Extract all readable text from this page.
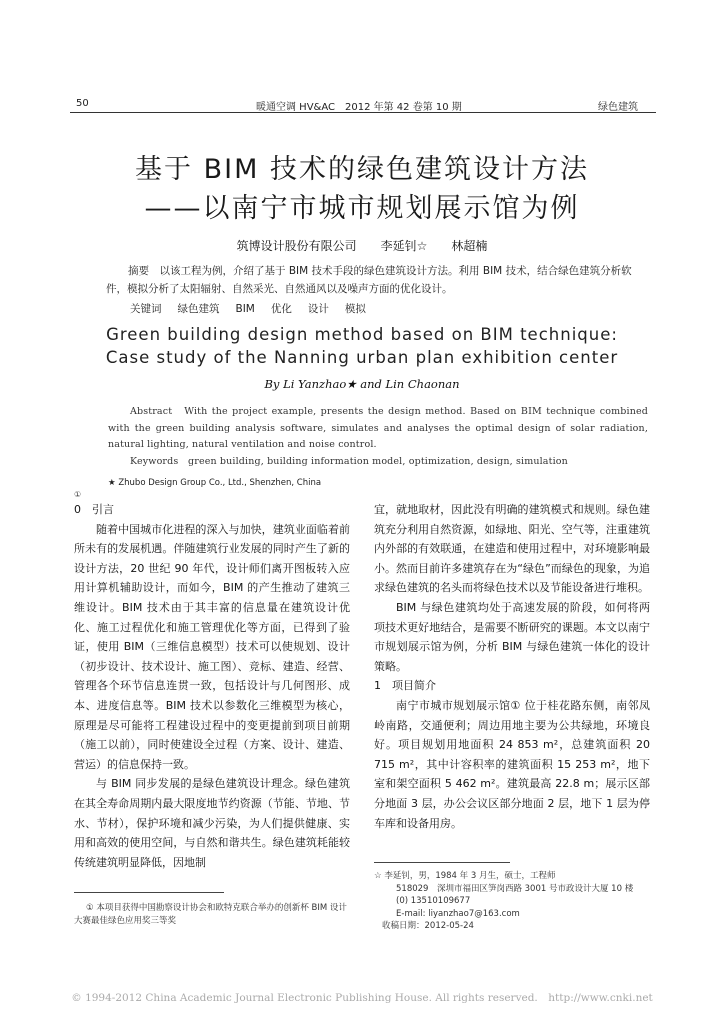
50	暖通空调 HV&AC　2012 年第 42 卷第 10 期	绿色建筑
基于 BIM 技术的绿色建筑设计方法
——以南宁市城市规划展示馆为例
筑博设计股份有限公司 李延钊☆ 林超楠
摘要　以该工程为例，介绍了基于 BIM 技术手段的绿色建筑设计方法。利用 BIM 技术，结合绿色建筑分析软件，模拟分析了太阳辐射、自然采光、自然通风以及噪声方面的优化设计。
关键词 绿色建筑 BIM 优化 设计 模拟
Green building design method based on BIM technique:
Case study of the Nanning urban plan exhibition center
By Li Yanzhao★ and Lin Chaonan
Abstract　With the project example, presents the design method. Based on BIM technique combined with the green building analysis software, simulates and analyses the optimal design of solar radiation, natural lighting, natural ventilation and noise control.
Keywords　green building, building information model, optimization, design, simulation
★ Zhubo Design Group Co., Ltd., Shenzhen, China
①
0　引言

随着中国城市化进程的深入与加快，建筑业面临着前所未有的发展机遇。伴随建筑行业发展的同时产生了新的设计方法，20 世纪 90 年代，设计师们离开图板转入应用计算机辅助设计，而如今，BIM 的产生推动了建筑三维设计。BIM 技术由于其丰富的信息量在建筑设计优化、施工过程优化和施工管理优化等方面，已得到了验证，使用 BIM（三维信息模型）技术可以使规划、设计（初步设计、技术设计、施工图）、竞标、建造、经营、管理各个环节信息连贯一致，包括设计与几何图形、成本、进度信息等。BIM 技术以参数化三维模型为核心，原理是尽可能将工程建设过程中的变更提前到项目前期（施工以前），同时使建设全过程（方案、设计、建造、营运）的信息保持一致。

与 BIM 同步发展的是绿色建筑设计理念。绿色建筑在其全寿命周期内最大限度地节约资源（节能、节地、节水、节材），保护环境和减少污染，为人们提供健康、实用和高效的使用空间，与自然和谐共生。绿色建筑耗能较传统建筑明显降低，因地制

① 本项目获得中国勘察设计协会和欧特克联合举办的创新杯 BIM 设计大赛最佳绿色应用奖三等奖

宜，就地取材，因此没有明确的建筑模式和规则。绿色建筑充分利用自然资源，如绿地、阳光、空气等，注重建筑内外部的有效联通，在建造和使用过程中，对环境影响最小。然而目前许多建筑存在为“绿色”而绿色的现象，为追求绿色建筑的名头而将绿色技术以及节能设备进行堆积。

BIM 与绿色建筑均处于高速发展的阶段，如何将两项技术更好地结合，是需要不断研究的课题。本文以南宁市规划展示馆为例，分析 BIM 与绿色建筑一体化的设计策略。

1　项目简介

南宁市城市规划展示馆① 位于桂花路东侧，南邻凤岭南路，交通便利；周边用地主要为公共绿地，环境良好。项目规划用地面积 24 853 m²，总建筑面积 20 715 m²，其中计容积率的建筑面积 15 253 m²，地下室和架空面积 5 462 m²。建筑最高 22.8 m；展示区部分地面 3 层，办公会议区部分地面 2 层，地下 1 层为停车库和设备用房。

☆ 李延钊，男，1984 年 3 月生，硕士，工程师
518029　深圳市福田区笋岗西路 3001 号市政设计大厦 10 楼
(0) 13510109677
E-mail: liyanzhao7@163.com
收稿日期：2012-05-24
© 1994-2012 China Academic Journal Electronic Publishing House. All rights reserved.　http://www.cnki.net
